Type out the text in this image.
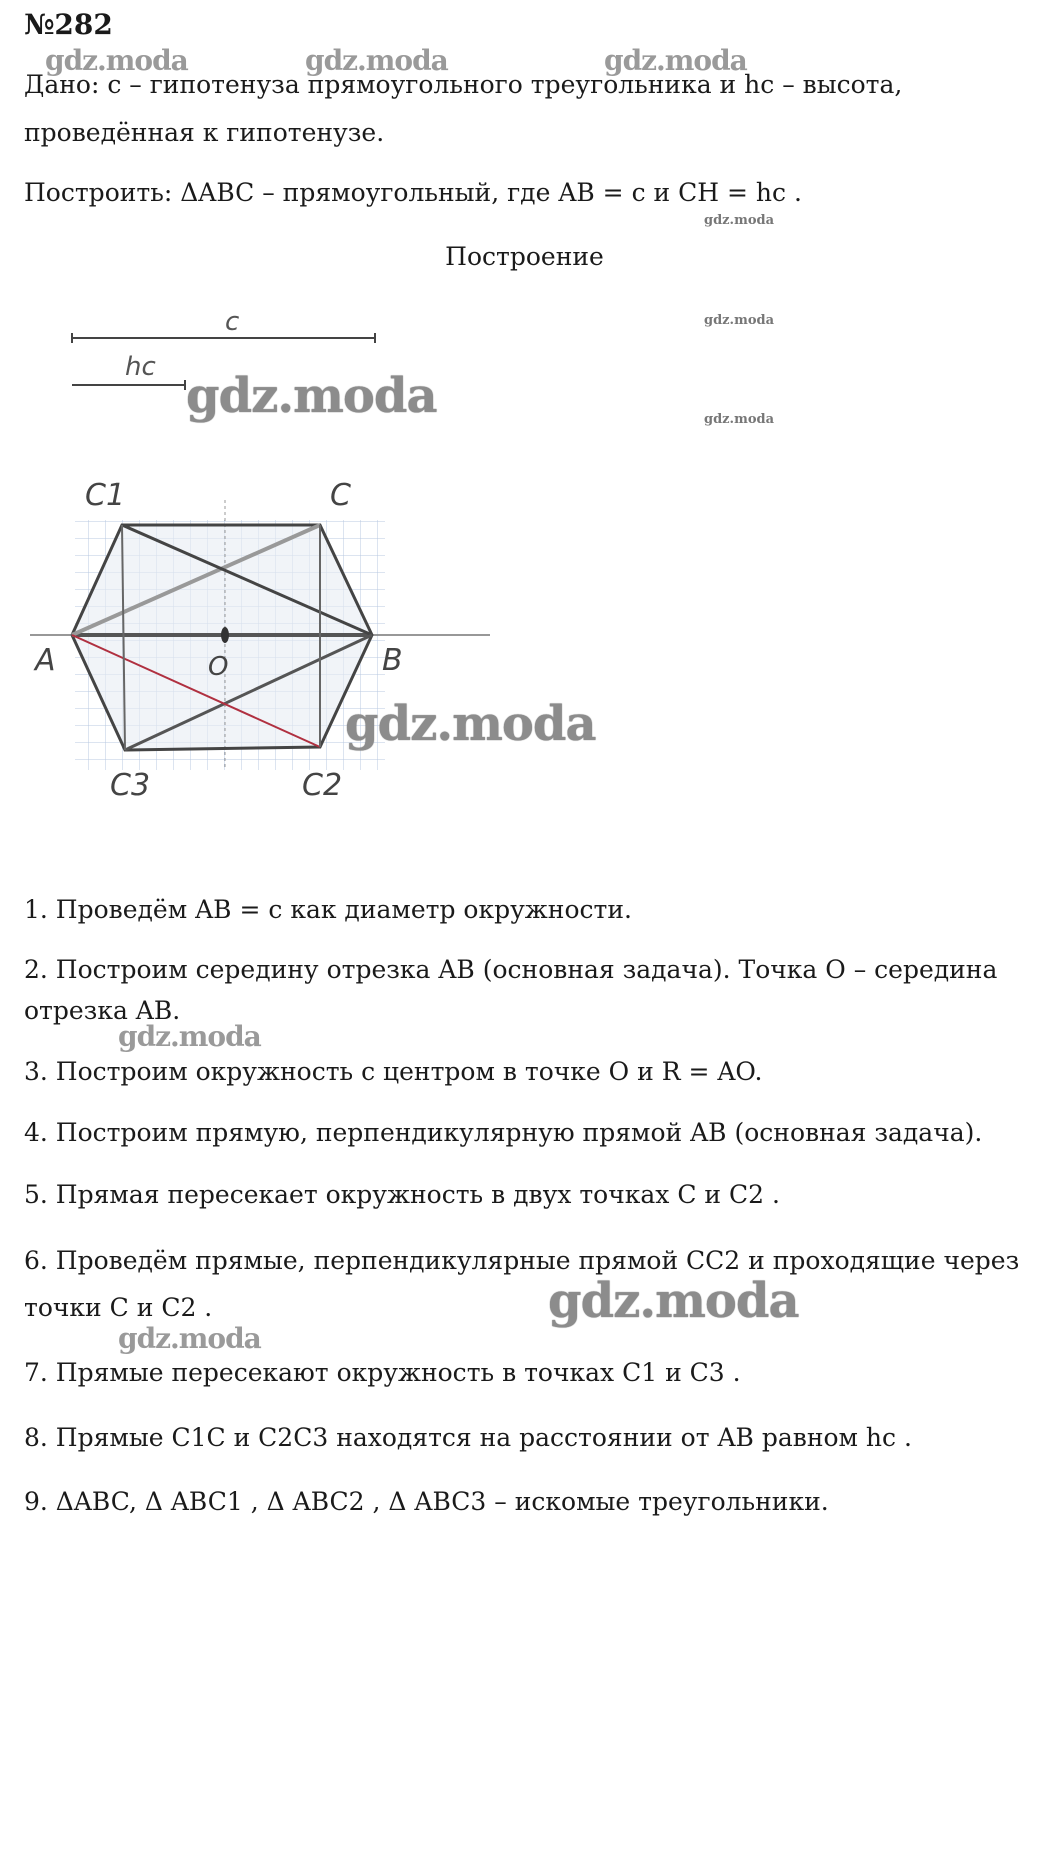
№282
gdz.moda	gdz.moda	gdz.moda
Дано: c – гипотенуза прямоугольного треугольника и hc – высота,
проведённая к гипотенузе.
Построить: ΔABC – прямоугольный, где AB = c и CH = hc .
gdz.moda
Построение
gdz.moda
gdz.moda
c
hc
C1	C
A	B
O
C3	C2
gdz.moda
gdz.moda
1. Проведём AB = c как диаметр окружности.
2. Построим середину отрезка AB (основная задача). Точка O – середина
отрезка AB.
gdz.moda
3. Построим окружность с центром в точке O и R = AO.
4. Построим прямую, перпендикулярную прямой AB (основная задача).
5. Прямая пересекает окружность в двух точках C и C2 .
6. Проведём прямые, перпендикулярные прямой CC2 и проходящие через
точки C и C2 .	gdz.moda
gdz.moda
7. Прямые пересекают окружность в точках C1 и C3 .
8. Прямые C1C и C2C3 находятся на расстоянии от AB равном hc .
9. ΔABC, Δ ABC1 , Δ ABC2 , Δ ABC3 – искомые треугольники.
